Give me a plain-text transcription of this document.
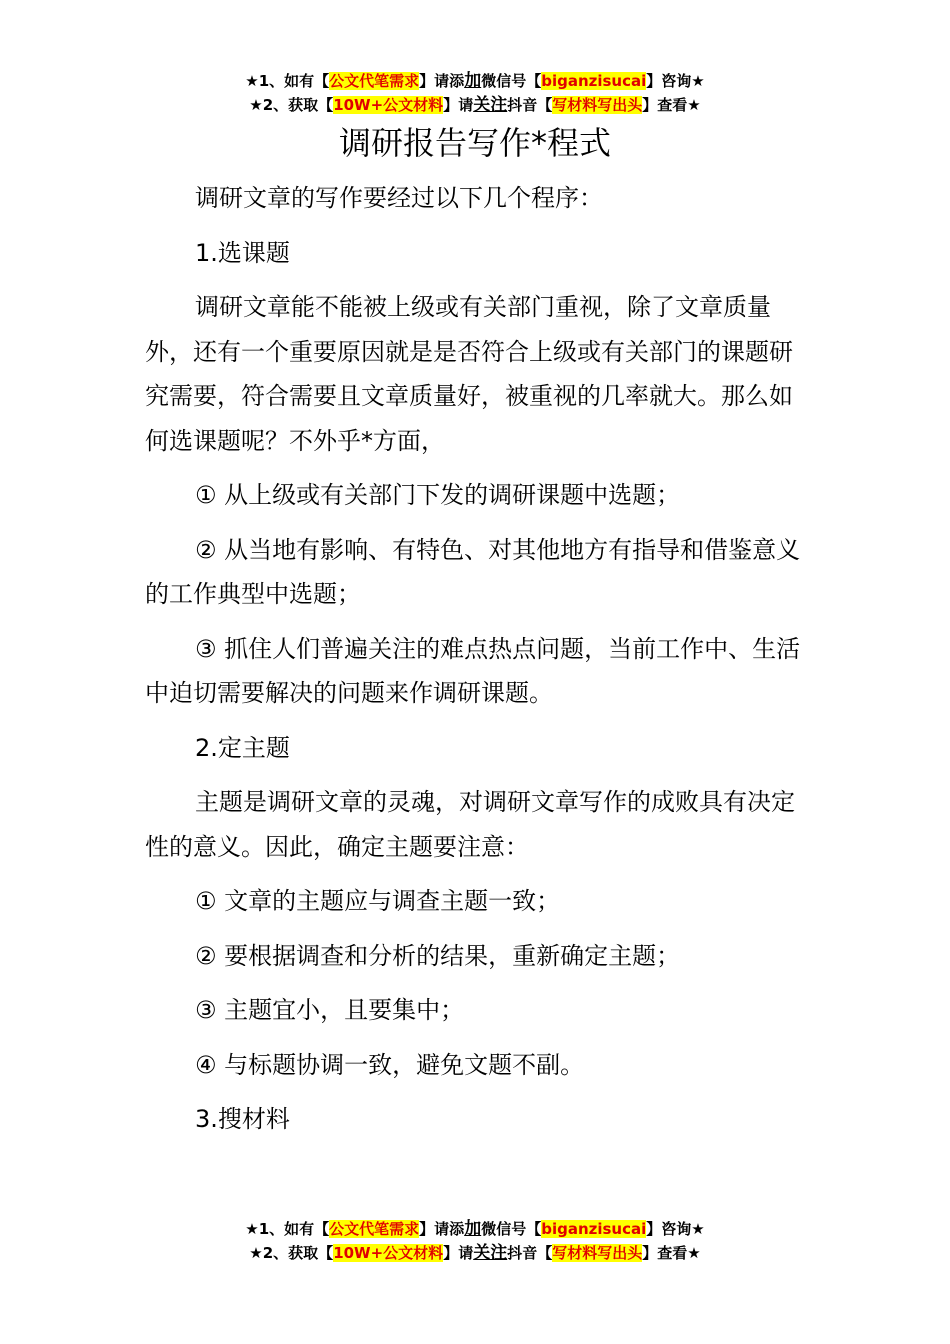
★1、如有【公文代笔需求】请添加微信号【biganzisucai】咨询★
★2、获取【10W+公文材料】请关注抖音【写材料写出头】查看★
调研报告写作*程式

调研文章的写作要经过以下几个程序：

1.选课题

调研文章能不能被上级或有关部门重视，除了文章质量外，还有一个重要原因就是是否符合上级或有关部门的课题研究需要，符合需要且文章质量好，被重视的几率就大。那么如何选课题呢？不外乎*方面，

① 从上级或有关部门下发的调研课题中选题；

② 从当地有影响、有特色、对其他地方有指导和借鉴意义的工作典型中选题；

③ 抓住人们普遍关注的难点热点问题，当前工作中、生活中迫切需要解决的问题来作调研课题。

2.定主题

主题是调研文章的灵魂，对调研文章写作的成败具有决定性的意义。因此，确定主题要注意：

① 文章的主题应与调查主题一致；

② 要根据调查和分析的结果，重新确定主题；

③ 主题宜小，且要集中；

④ 与标题协调一致，避免文题不副。

3.搜材料

★1、如有【公文代笔需求】请添加微信号【biganzisucai】咨询★
★2、获取【10W+公文材料】请关注抖音【写材料写出头】查看★
